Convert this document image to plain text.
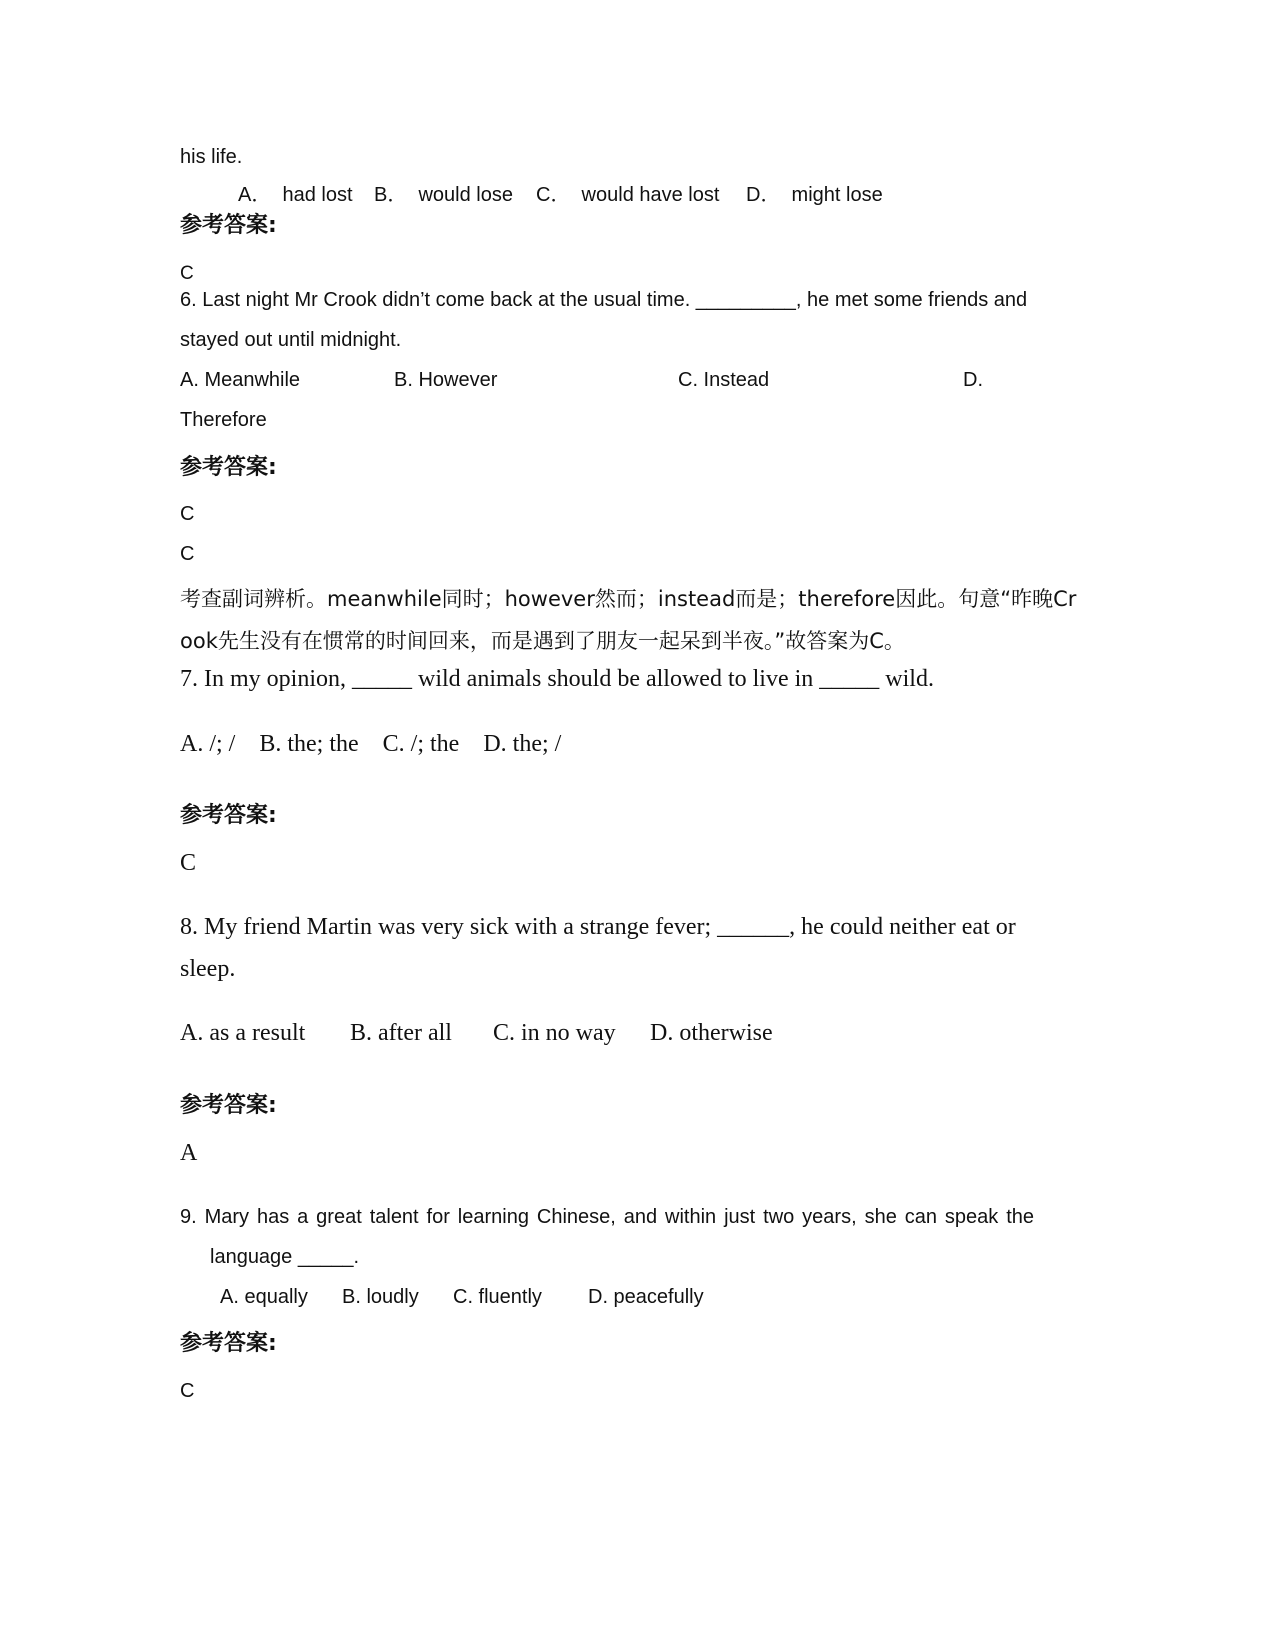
his life.
A．  had lost B．  would lose C．  would have lost D．  might lose
参考答案:
C
6. Last night Mr Crook didn’t come back at the usual time. _________, he met some friends and
stayed out until midnight.
A. Meanwhile	B. However	C. Instead	D.
Therefore
参考答案:
C
C
考查副词辨析。meanwhile同时；however然而；instead而是；therefore因此。句意“昨晚Cr
ook先生没有在惯常的时间回来，而是遇到了朋友一起呆到半夜。”故答案为C。
7. In my opinion, _____ wild animals should be allowed to live in _____ wild.
A. /; /    B. the; the    C. /; the    D. the; /
参考答案:
C
8. My friend Martin was very sick with a strange fever; ______, he could neither eat or
sleep.
A. as a result B. after all C. in no way D. otherwise
参考答案:
A
9. Mary has a great talent for learning Chinese, and within just two years, she can speak the
language _____.
A. equally B. loudly C. fluently D. peacefully
参考答案:
C
